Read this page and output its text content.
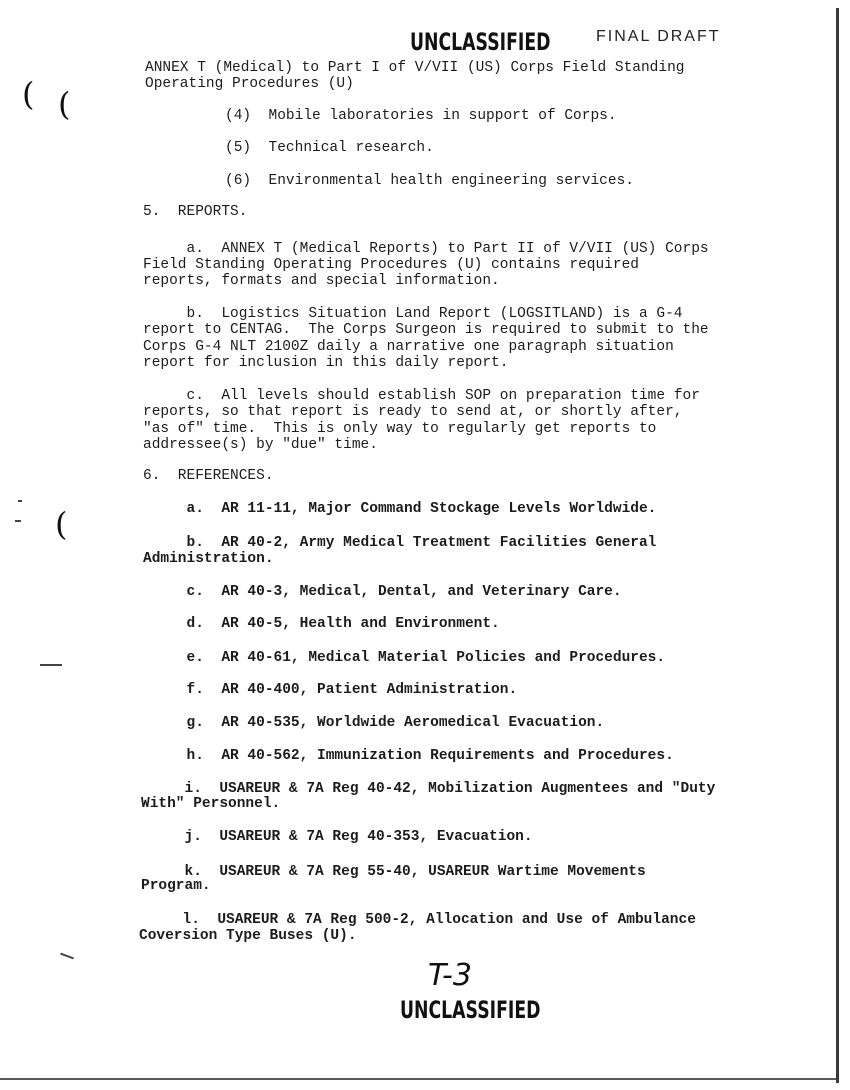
( (
(
UNCLASSIFIED	FINAL DRAFT
ANNEX T (Medical) to Part I of V/VII (US) Corps Field Standing
Operating Procedures (U)
(4)  Mobile laboratories in support of Corps.
(5)  Technical research.
(6)  Environmental health engineering services.
5.  REPORTS.
a.  ANNEX T (Medical Reports) to Part II of V/VII (US) Corps
Field Standing Operating Procedures (U) contains required
reports, formats and special information.
b.  Logistics Situation Land Report (LOGSITLAND) is a G-4
report to CENTAG.  The Corps Surgeon is required to submit to the
Corps G-4 NLT 2100Z daily a narrative one paragraph situation
report for inclusion in this daily report.
c.  All levels should establish SOP on preparation time for
reports, so that report is ready to send at, or shortly after,
"as of" time.  This is only way to regularly get reports to
addressee(s) by "due" time.
6.  REFERENCES.
a.  AR 11-11, Major Command Stockage Levels Worldwide.
b.  AR 40-2, Army Medical Treatment Facilities General
Administration.
c.  AR 40-3, Medical, Dental, and Veterinary Care.
d.  AR 40-5, Health and Environment.
e.  AR 40-61, Medical Material Policies and Procedures.
f.  AR 40-400, Patient Administration.
g.  AR 40-535, Worldwide Aeromedical Evacuation.
h.  AR 40-562, Immunization Requirements and Procedures.
i.  USAREUR & 7A Reg 40-42, Mobilization Augmentees and "Duty
With" Personnel.
j.  USAREUR & 7A Reg 40-353, Evacuation.
k.  USAREUR & 7A Reg 55-40, USAREUR Wartime Movements
Program.
l.  USAREUR & 7A Reg 500-2, Allocation and Use of Ambulance
Coversion Type Buses (U).
T-3
UNCLASSIFIED
